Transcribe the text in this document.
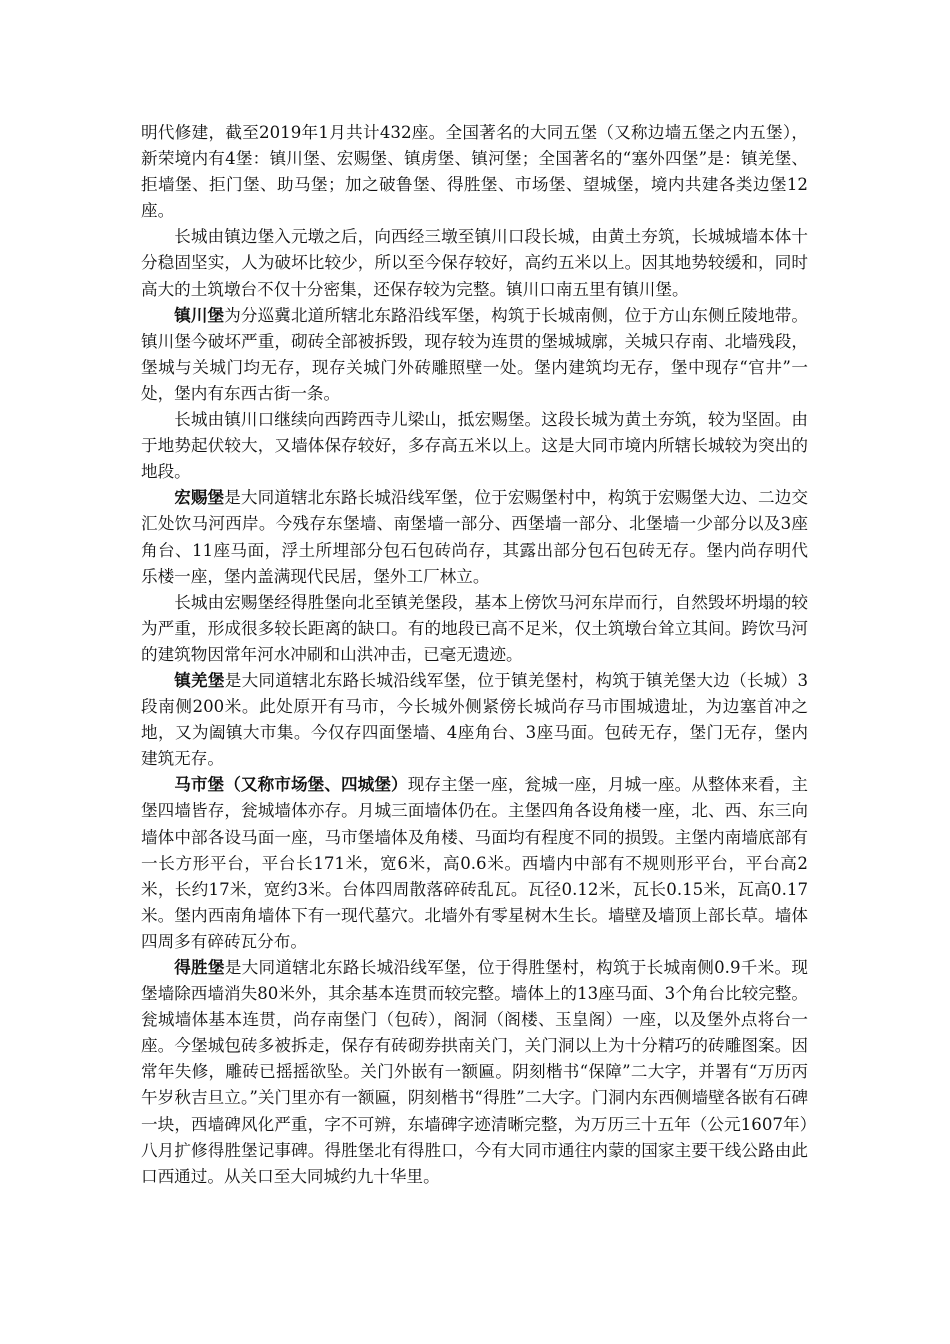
明代修建，截至2019年1月共计432座。全国著名的大同五堡（又称边墙五堡之内五堡），新荣境内有4堡：镇川堡、宏赐堡、镇虏堡、镇河堡；全国著名的“塞外四堡”是：镇羌堡、拒墙堡、拒门堡、助马堡；加之破鲁堡、得胜堡、市场堡、望城堡，境内共建各类边堡12座。

长城由镇边堡入元墩之后，向西经三墩至镇川口段长城，由黄土夯筑，长城城墙本体十分稳固坚实，人为破坏比较少，所以至今保存较好，高约五米以上。因其地势较缓和，同时高大的土筑墩台不仅十分密集，还保存较为完整。镇川口南五里有镇川堡。

镇川堡为分巡冀北道所辖北东路沿线军堡，构筑于长城南侧，位于方山东侧丘陵地带。镇川堡今破坏严重，砌砖全部被拆毁，现存较为连贯的堡城城廓，关城只存南、北墙残段，堡城与关城门均无存，现存关城门外砖雕照壁一处。堡内建筑均无存，堡中现存“官井”一处，堡内有东西古街一条。

长城由镇川口继续向西跨西寺儿梁山，抵宏赐堡。这段长城为黄土夯筑，较为坚固。由于地势起伏较大，又墙体保存较好，多存高五米以上。这是大同市境内所辖长城较为突出的地段。

宏赐堡是大同道辖北东路长城沿线军堡，位于宏赐堡村中，构筑于宏赐堡大边、二边交汇处饮马河西岸。今残存东堡墙、南堡墙一部分、西堡墙一部分、北堡墙一少部分以及3座角台、11座马面，浮土所埋部分包石包砖尚存，其露出部分包石包砖无存。堡内尚存明代乐楼一座，堡内盖满现代民居，堡外工厂林立。

长城由宏赐堡经得胜堡向北至镇羌堡段，基本上傍饮马河东岸而行，自然毁坏坍塌的较为严重，形成很多较长距离的缺口。有的地段已高不足米，仅土筑墩台耸立其间。跨饮马河的建筑物因常年河水冲刷和山洪冲击，已毫无遗迹。

镇羌堡是大同道辖北东路长城沿线军堡，位于镇羌堡村，构筑于镇羌堡大边（长城）3段南侧200米。此处原开有马市，今长城外侧紧傍长城尚存马市围城遗址，为边塞首冲之地，又为阖镇大市集。今仅存四面堡墙、4座角台、3座马面。包砖无存，堡门无存，堡内建筑无存。

马市堡（又称市场堡、四城堡）现存主堡一座，瓮城一座，月城一座。从整体来看，主堡四墙皆存，瓮城墙体亦存。月城三面墙体仍在。主堡四角各设角楼一座，北、西、东三向墙体中部各设马面一座，马市堡墙体及角楼、马面均有程度不同的损毁。主堡内南墙底部有一长方形平台，平台长171米，宽6米，高0.6米。西墙内中部有不规则形平台，平台高2米，长约17米，宽约3米。台体四周散落碎砖乱瓦。瓦径0.12米，瓦长0.15米，瓦高0.17米。堡内西南角墙体下有一现代墓穴。北墙外有零星树木生长。墙壁及墙顶上部长草。墙体四周多有碎砖瓦分布。

得胜堡是大同道辖北东路长城沿线军堡，位于得胜堡村，构筑于长城南侧0.9千米。现堡墙除西墙消失80米外，其余基本连贯而较完整。墙体上的13座马面、3个角台比较完整。瓮城墙体基本连贯，尚存南堡门（包砖），阁洞（阁楼、玉皇阁）一座，以及堡外点将台一座。今堡城包砖多被拆走，保存有砖砌券拱南关门，关门洞以上为十分精巧的砖雕图案。因常年失修，雕砖已摇摇欲坠。关门外嵌有一额匾。阴刻楷书“保障”二大字，并署有“万历丙午岁秋吉旦立。”关门里亦有一额匾，阴刻楷书“得胜”二大字。门洞内东西侧墙壁各嵌有石碑一块，西墙碑风化严重，字不可辨，东墙碑字迹清晰完整，为万历三十五年（公元1607年）八月扩修得胜堡记事碑。得胜堡北有得胜口，今有大同市通往内蒙的国家主要干线公路由此口西通过。从关口至大同城约九十华里。
